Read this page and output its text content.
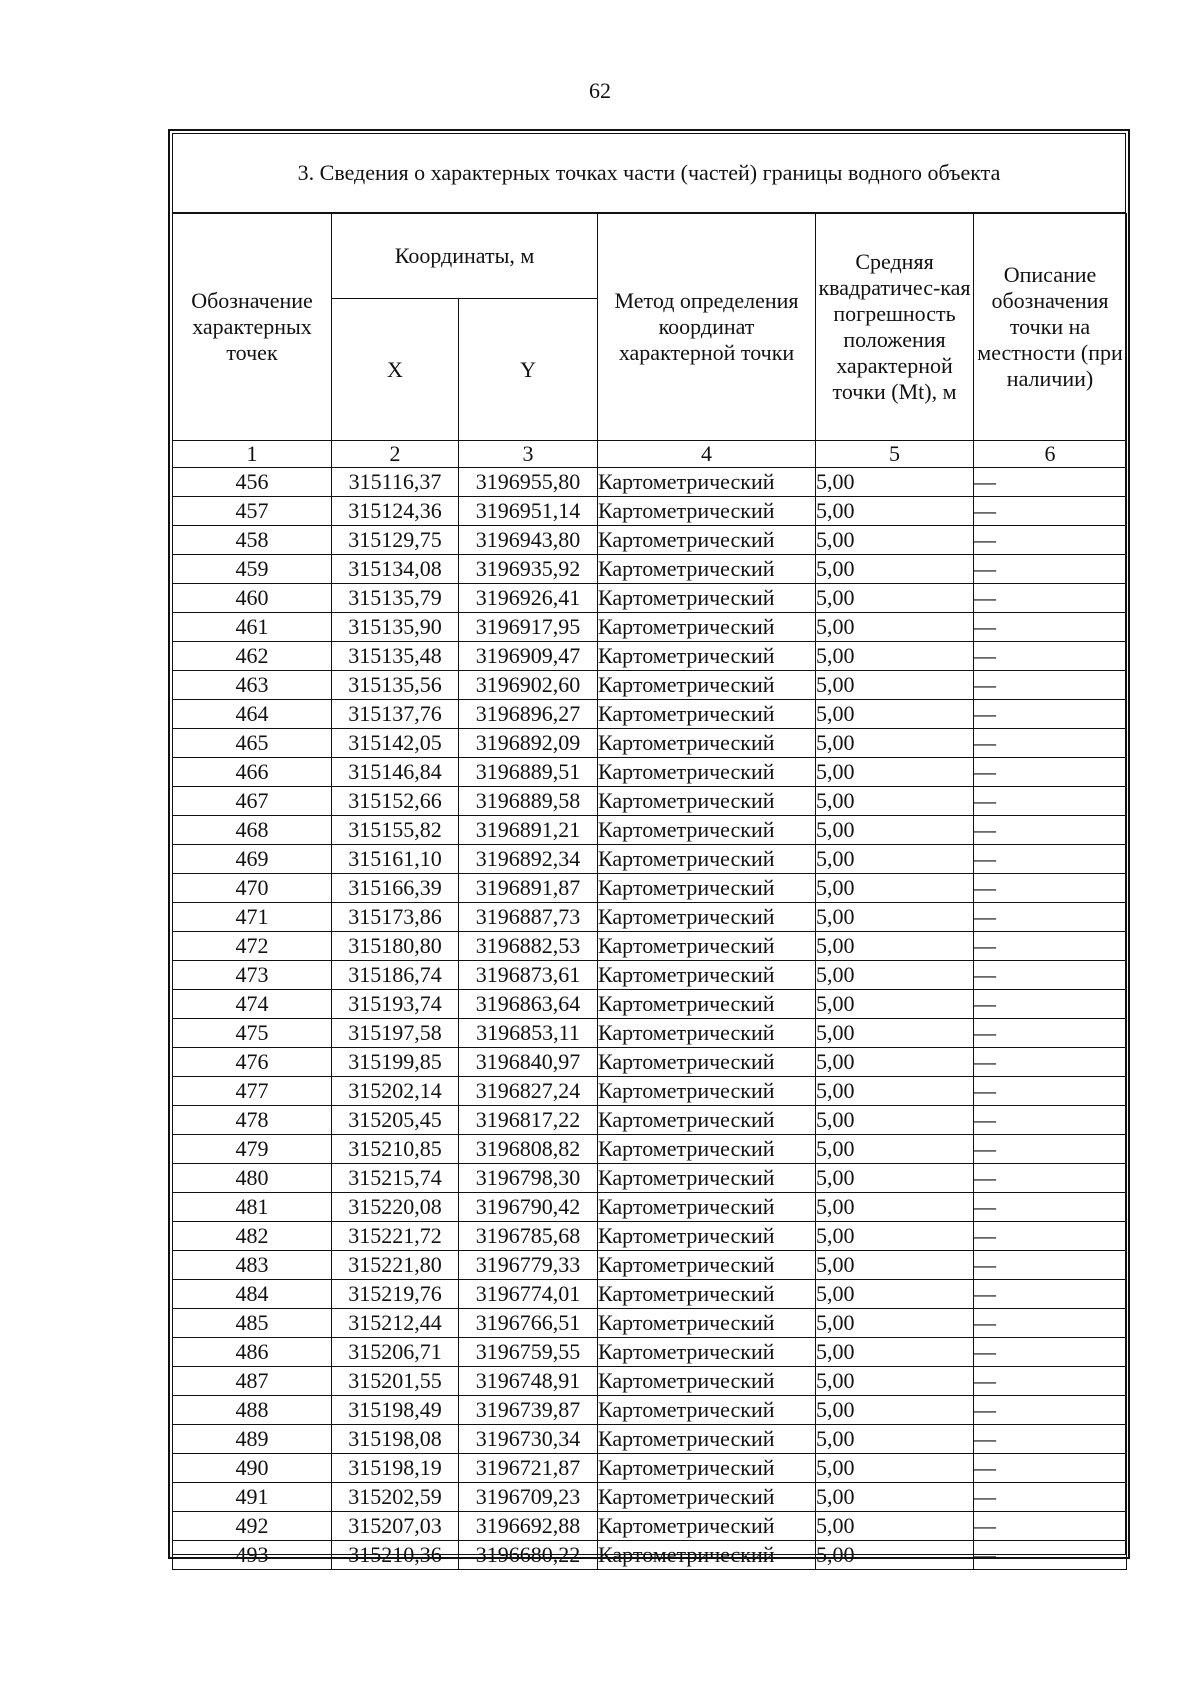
62
3. Сведения о характерных точках части (частей) границы водного объекта
Обозначение характерных точек	Координаты, м		Метод определения координат характерной точки	Средняя квадратичес-кая погрешность положения характерной точки (Mt), м	Описание обозначения точки на местности (при наличии)
	X	Y			
1	2	3	4	5	6
456	315116,37	3196955,80	Картометрический	5,00	—
457	315124,36	3196951,14	Картометрический	5,00	—
458	315129,75	3196943,80	Картометрический	5,00	—
459	315134,08	3196935,92	Картометрический	5,00	—
460	315135,79	3196926,41	Картометрический	5,00	—
461	315135,90	3196917,95	Картометрический	5,00	—
462	315135,48	3196909,47	Картометрический	5,00	—
463	315135,56	3196902,60	Картометрический	5,00	—
464	315137,76	3196896,27	Картометрический	5,00	—
465	315142,05	3196892,09	Картометрический	5,00	—
466	315146,84	3196889,51	Картометрический	5,00	—
467	315152,66	3196889,58	Картометрический	5,00	—
468	315155,82	3196891,21	Картометрический	5,00	—
469	315161,10	3196892,34	Картометрический	5,00	—
470	315166,39	3196891,87	Картометрический	5,00	—
471	315173,86	3196887,73	Картометрический	5,00	—
472	315180,80	3196882,53	Картометрический	5,00	—
473	315186,74	3196873,61	Картометрический	5,00	—
474	315193,74	3196863,64	Картометрический	5,00	—
475	315197,58	3196853,11	Картометрический	5,00	—
476	315199,85	3196840,97	Картометрический	5,00	—
477	315202,14	3196827,24	Картометрический	5,00	—
478	315205,45	3196817,22	Картометрический	5,00	—
479	315210,85	3196808,82	Картометрический	5,00	—
480	315215,74	3196798,30	Картометрический	5,00	—
481	315220,08	3196790,42	Картометрический	5,00	—
482	315221,72	3196785,68	Картометрический	5,00	—
483	315221,80	3196779,33	Картометрический	5,00	—
484	315219,76	3196774,01	Картометрический	5,00	—
485	315212,44	3196766,51	Картометрический	5,00	—
486	315206,71	3196759,55	Картометрический	5,00	—
487	315201,55	3196748,91	Картометрический	5,00	—
488	315198,49	3196739,87	Картометрический	5,00	—
489	315198,08	3196730,34	Картометрический	5,00	—
490	315198,19	3196721,87	Картометрический	5,00	—
491	315202,59	3196709,23	Картометрический	5,00	—
492	315207,03	3196692,88	Картометрический	5,00	—
493	315210,36	3196680,22	Картометрический	5,00	—
